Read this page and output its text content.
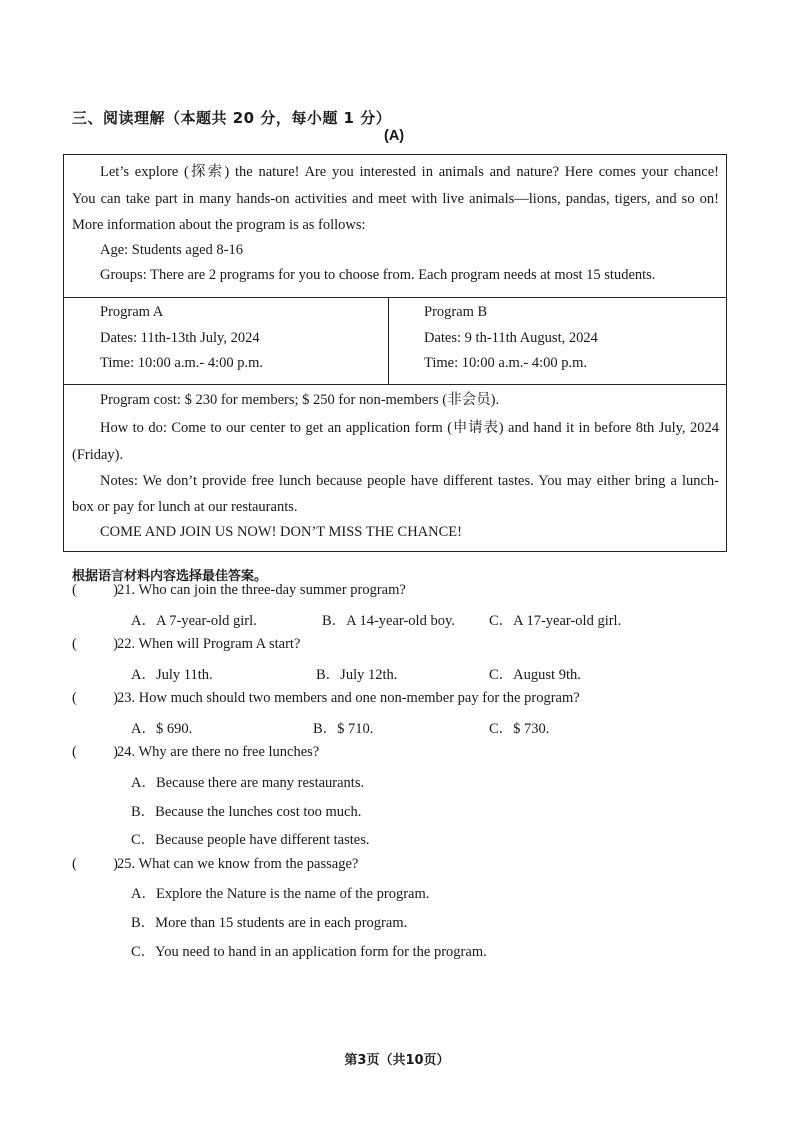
三、阅读理解（本题共 20 分，每小题 1 分）
(A)
Let’s explore (探索) the nature! Are you interested in animals and nature? Here comes your chance!
You can take part in many hands-on activities and meet with live animals—lions, pandas, tigers, and so on!
More information about the program is as follows:
Age: Students aged 8-16
Groups: There are 2 programs for you to choose from. Each program needs at most 15 students.
Program A
Dates: 11th-13th July, 2024
Time: 10:00 a.m.- 4:00 p.m.
Program B
Dates: 9 th-11th August, 2024
Time: 10:00 a.m.- 4:00 p.m.
Program cost: $ 230 for members; $ 250 for non-members (非会员).
How to do: Come to our center to get an application form (申请表) and hand it in before 8th July, 2024
(Friday).
Notes: We don’t provide free lunch because people have different tastes. You may either bring a lunch-
box or pay for lunch at our restaurants.
COME AND JOIN US NOW! DON’T MISS THE CHANCE!
根据语言材料内容选择最佳答案。
(          ) 21. Who can join the three-day summer program?
A．A 7-year-old girl.	B．A 14-year-old boy. C．A 17-year-old girl.
(          ) 22. When will Program A start?
A．July 11th.	B．July 12th.	C．August 9th.
(          ) 23. How much should two members and one non-member pay for the program?
A．$ 690.	B．$ 710.	C．$ 730.
(          ) 24. Why are there no free lunches?
A．Because there are many restaurants.
B．Because the lunches cost too much.
C．Because people have different tastes.
(          ) 25. What can we know from the passage?
A．Explore the Nature is the name of the program.
B．More than 15 students are in each program.
C．You need to hand in an application form for the program.
第3页（共10页）
